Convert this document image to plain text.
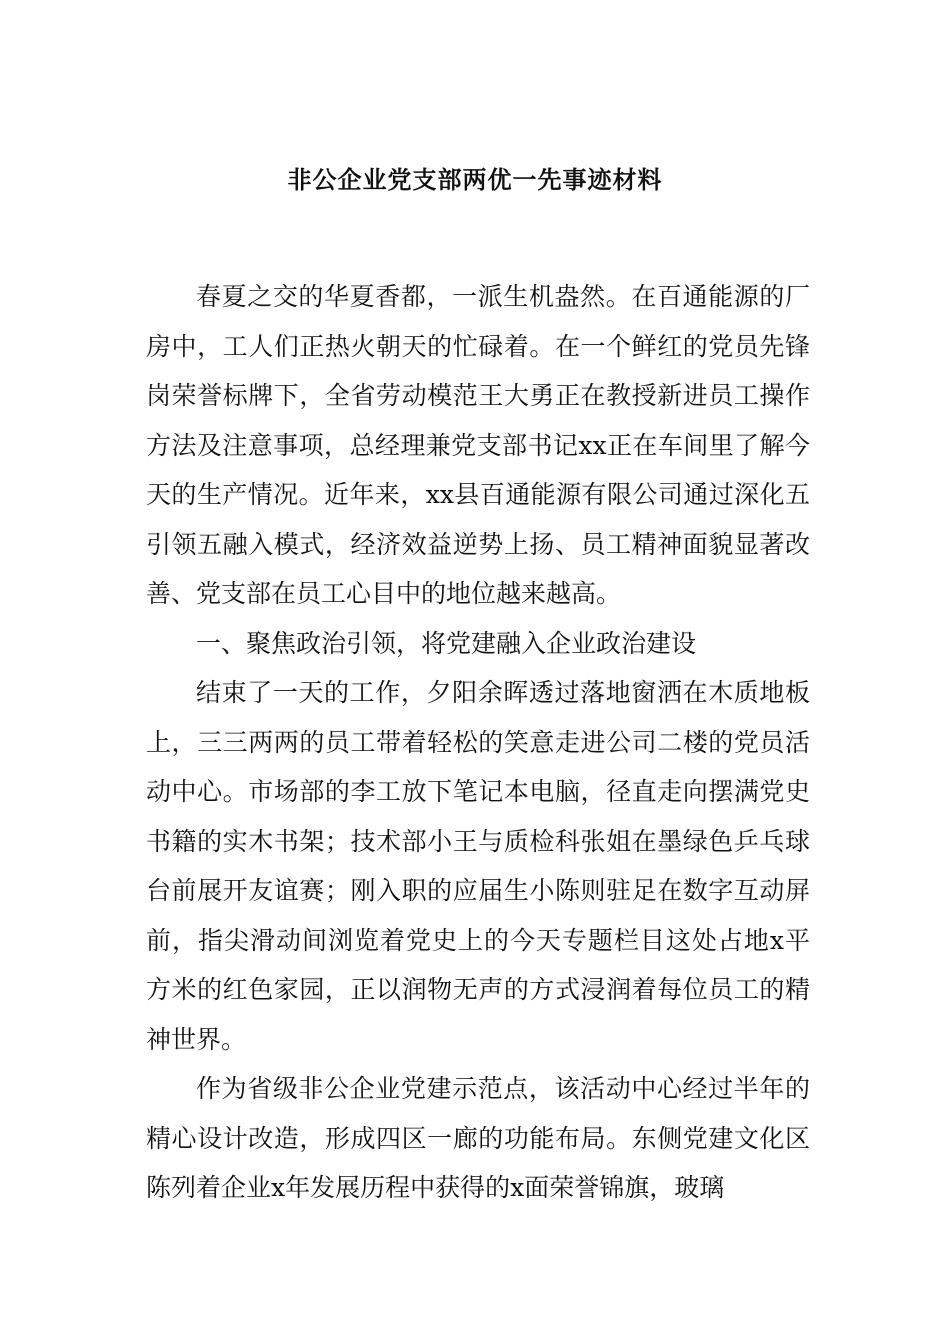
非公企业党支部两优一先事迹材料

春夏之交的华夏香都，一派生机盎然。在百通能源的厂房中，工人们正热火朝天的忙碌着。在一个鲜红的党员先锋岗荣誉标牌下，全省劳动模范王大勇正在教授新进员工操作方法及注意事项，总经理兼党支部书记xx正在车间里了解今天的生产情况。近年来，xx县百通能源有限公司通过深化五引领五融入模式，经济效益逆势上扬、员工精神面貌显著改善、党支部在员工心目中的地位越来越高。

一、聚焦政治引领，将党建融入企业政治建设

结束了一天的工作，夕阳余晖透过落地窗洒在木质地板上，三三两两的员工带着轻松的笑意走进公司二楼的党员活动中心。市场部的李工放下笔记本电脑，径直走向摆满党史书籍的实木书架；技术部小王与质检科张姐在墨绿色乒乓球台前展开友谊赛；刚入职的应届生小陈则驻足在数字互动屏前，指尖滑动间浏览着党史上的今天专题栏目这处占地x平方米的红色家园，正以润物无声的方式浸润着每位员工的精神世界。

作为省级非公企业党建示范点，该活动中心经过半年的精心设计改造，形成四区一廊的功能布局。东侧党建文化区陈列着企业x年发展历程中获得的x面荣誉锦旗，玻璃
